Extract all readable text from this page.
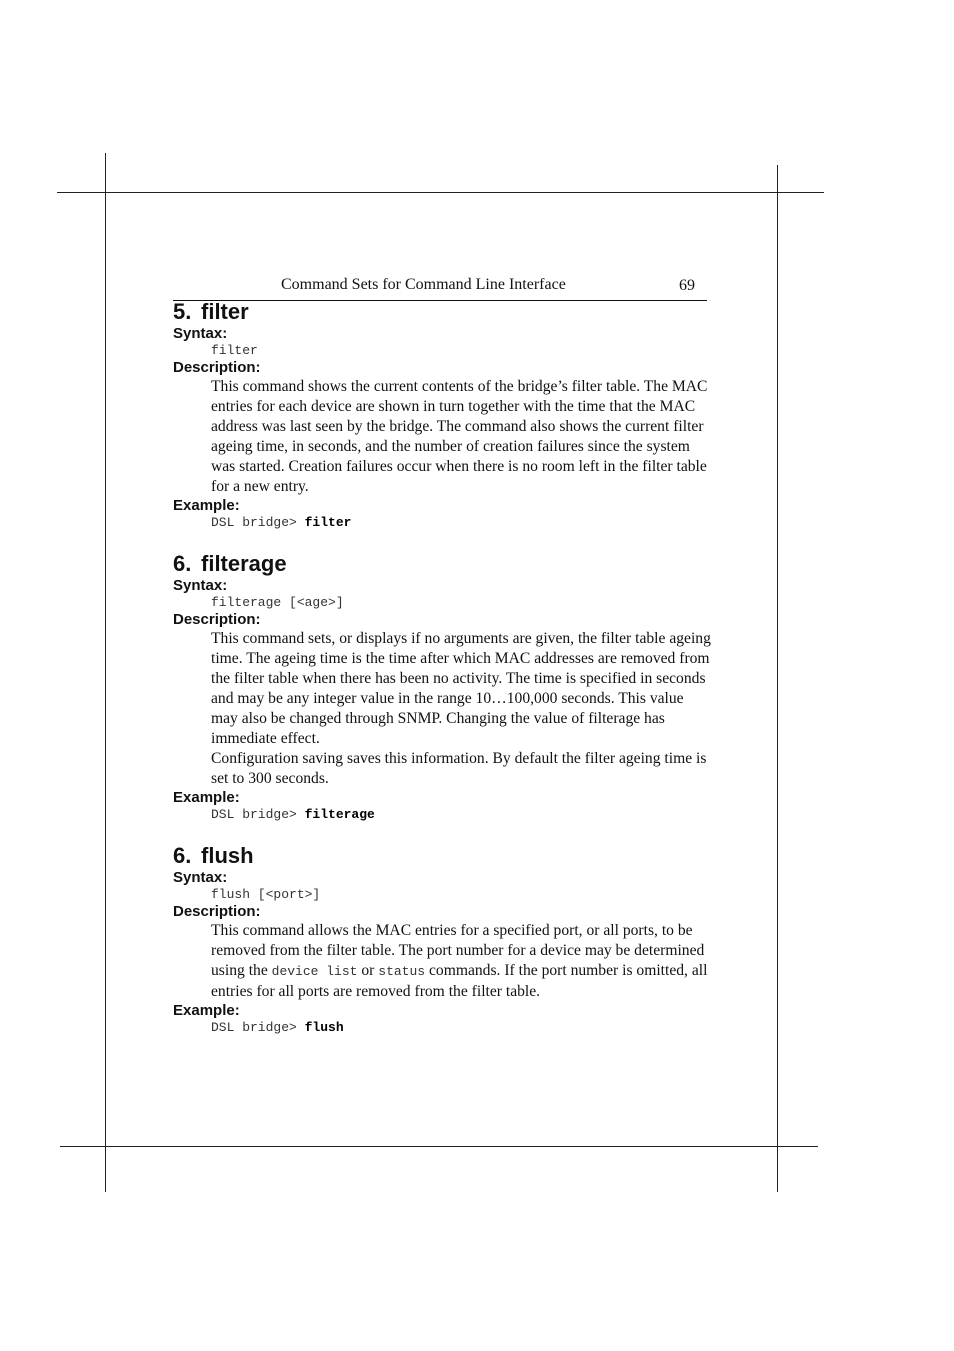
Command Sets for Command Line Interface	69
5. filter
Syntax:
filter
Description:

This command shows the current contents of the bridge’s filter table. The MAC entries for each device are shown in turn together with the time that the MAC address was last seen by the bridge. The command also shows the current filter ageing time, in seconds, and the number of creation failures since the system was started. Creation failures occur when there is no room left in the filter table for a new entry.

Example:
DSL bridge> filter
6. filterage
Syntax:
filterage [<age>]
Description:

This command sets, or displays if no arguments are given, the filter table ageing time. The ageing time is the time after which MAC addresses are removed from the filter table when there has been no activity. The time is specified in seconds and may be any integer value in the range 10…100,000 seconds. This value may also be changed through SNMP. Changing the value of filterage has immediate effect.

Configuration saving saves this information. By default the filter ageing time is set to 300 seconds.

Example:
DSL bridge> filterage
6. flush
Syntax:
flush [<port>]
Description:

This command allows the MAC entries for a specified port, or all ports, to be removed from the filter table. The port number for a device may be determined using the device list or status commands. If the port number is omitted, all entries for all ports are removed from the filter table.

Example:
DSL bridge> flush
